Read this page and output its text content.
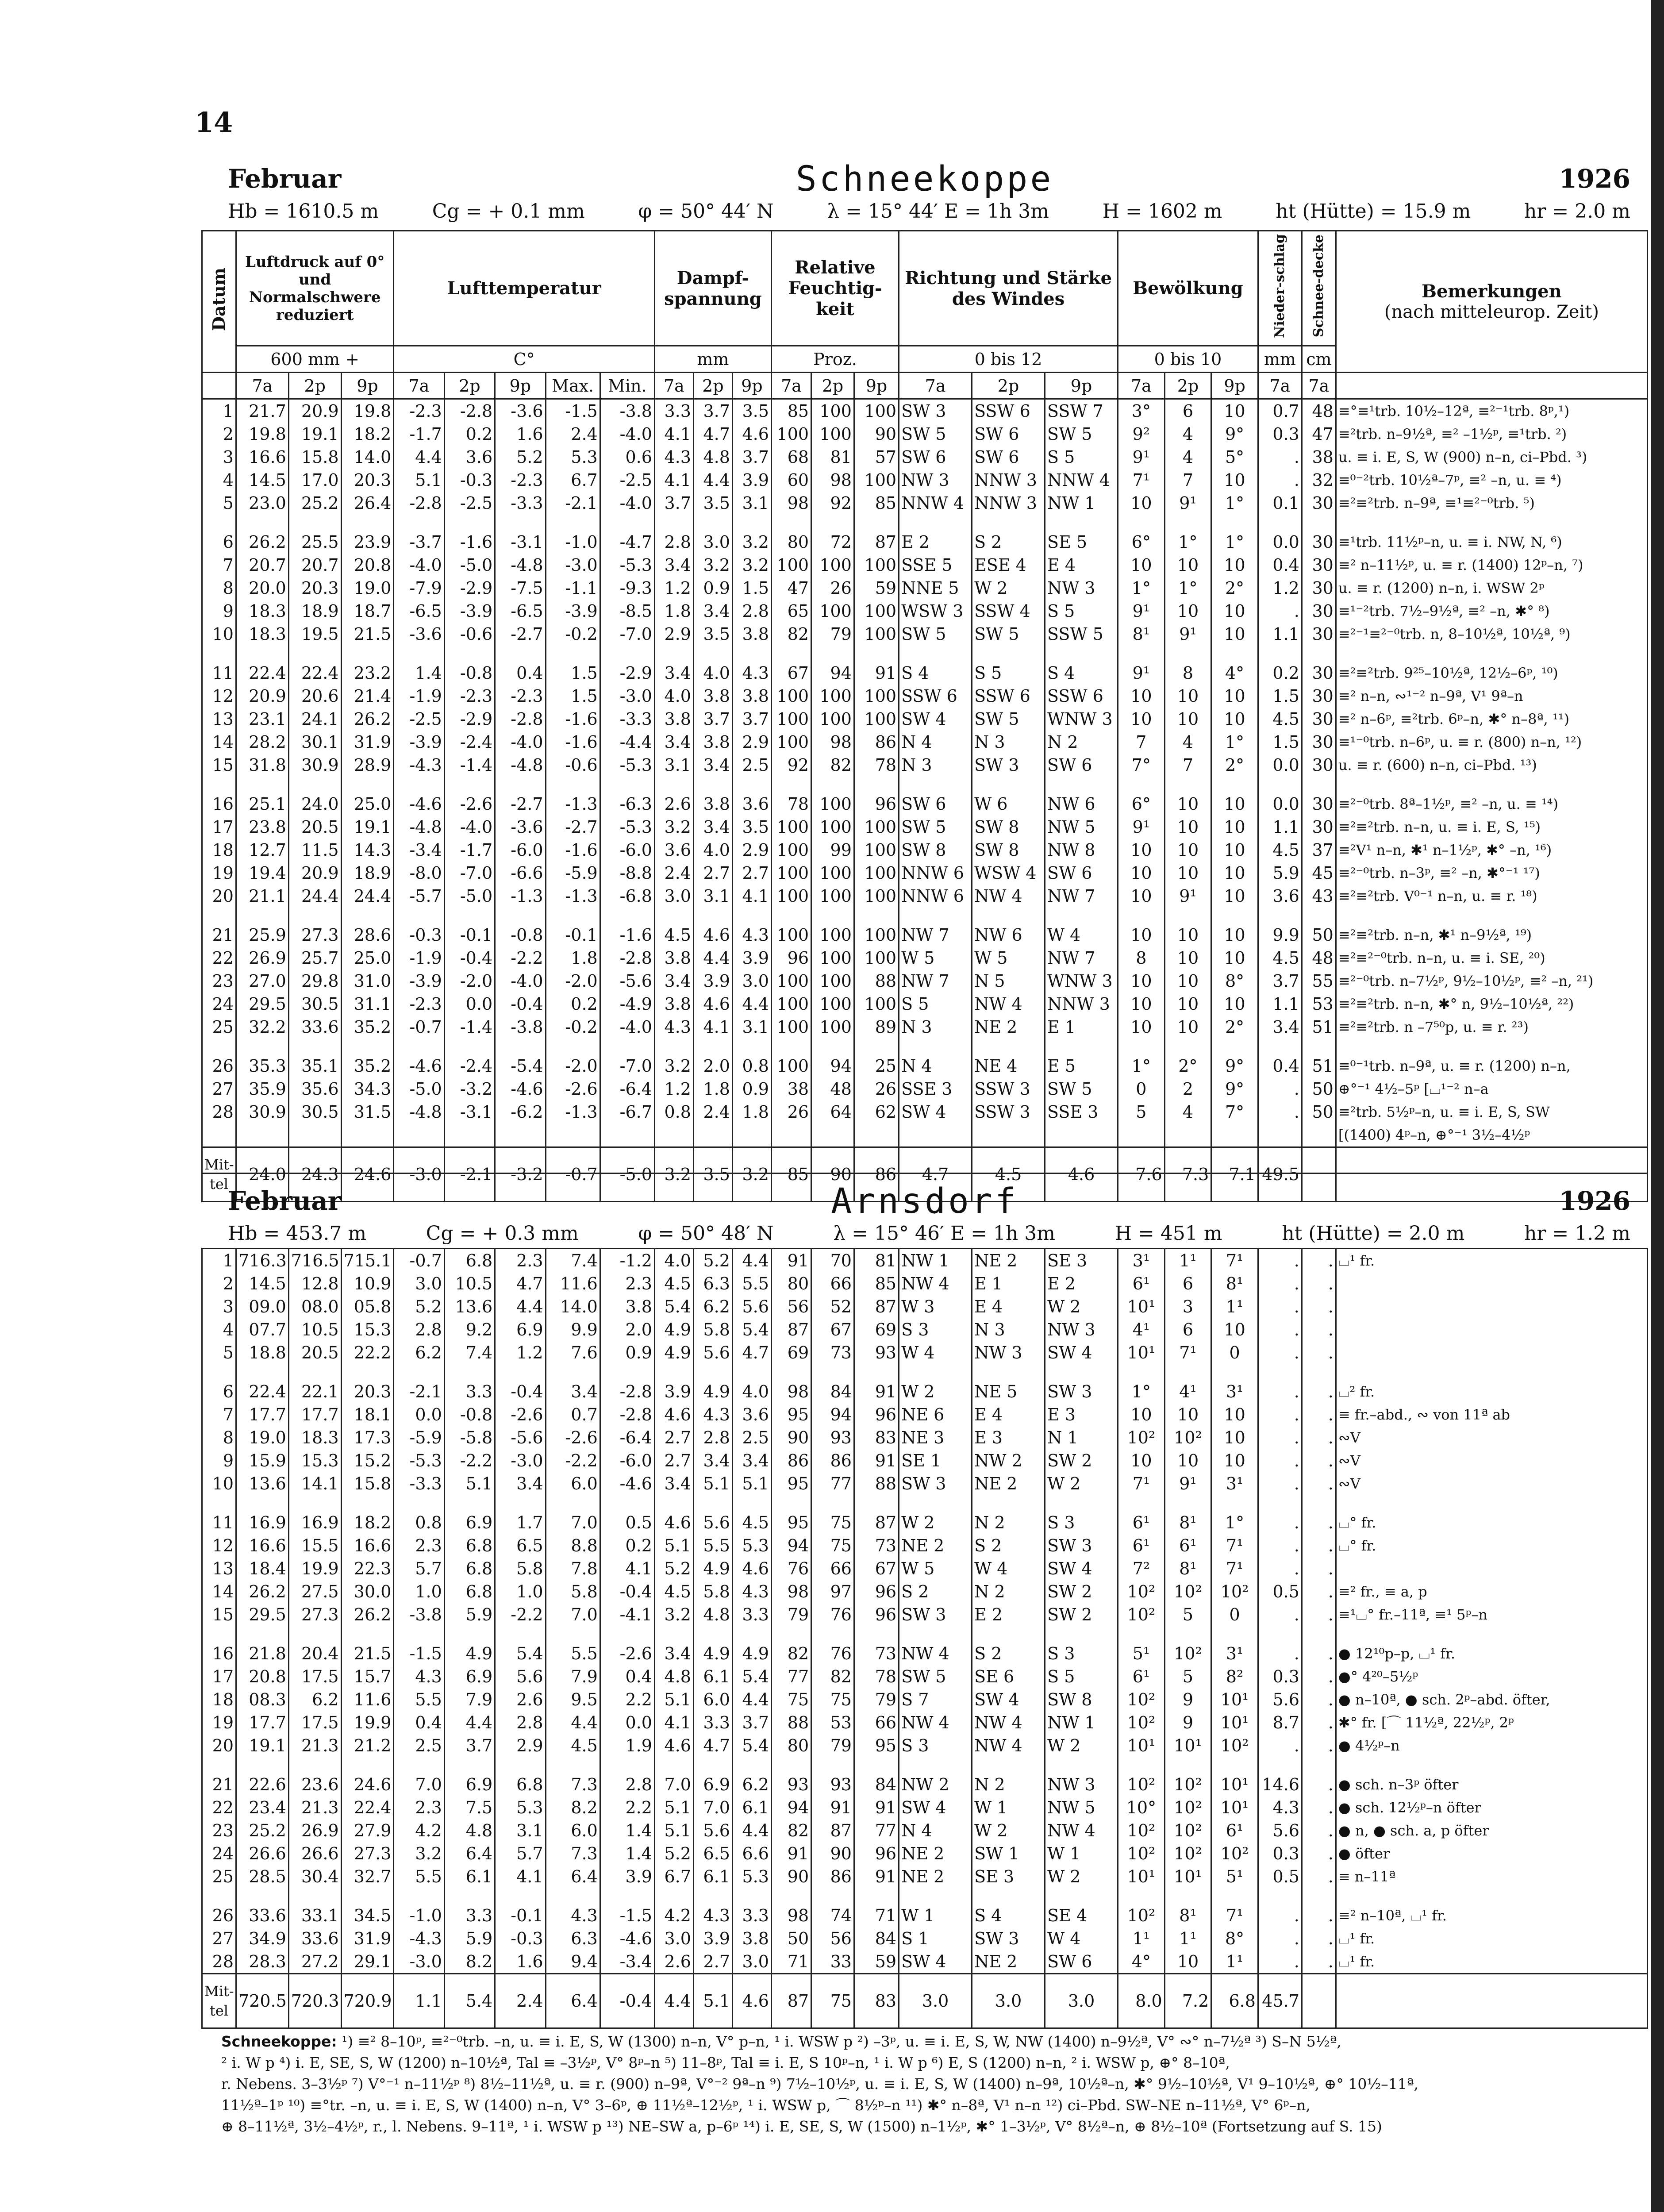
14
Februar	Schneekoppe	1926
Hb = 1610.5 m	Cg = + 0.1 mm	φ = 50° 44′ N	λ = 15° 44′ E = 1h 3m	H = 1602 m	ht (Hütte) = 15.9 m	hr = 2.0 m
Datum	Luftdruck auf 0° und Normalschwere reduziert			Lufttemperatur					Dampf-spannung			Relative Feuchtig-keit			Richtung und Stärke des Windes			Bewölkung			Nieder-schlag	Schnee-decke	Bemerkungen
(nach mitteleurop. Zeit)

	600 mm +			C°					mm			Proz.			0 bis 12			0 bis 10			mm	cm	
	7a	2p	9p	7a	2p	9p	Max.	Min.	7a	2p	9p	7a	2p	9p	7a	2p	9p	7a	2p	9p	7a	7a	
1	21.7	20.9	19.8	-2.3	-2.8	-3.6	-1.5	-3.8	3.3	3.7	3.5	85	100	100	SW 3	SSW 6	SSW 7	3°	6	10	0.7	48	≡°≡¹trb. 10½–12ª, ≡²⁻¹trb. 8ᵖ,¹)
2	19.8	19.1	18.2	-1.7	0.2	1.6	2.4	-4.0	4.1	4.7	4.6	100	100	90	SW 5	SW 6	SW 5	9²	4	9°	0.3	47	≡²trb. n–9½ª, ≡² –1½ᵖ, ≡¹trb. ²)
3	16.6	15.8	14.0	4.4	3.6	5.2	5.3	0.6	4.3	4.8	3.7	68	81	57	SW 6	SW 6	S 5	9¹	4	5°	.	38	u. ≡ i. E, S, W (900) n–n, ci–Pbd. ³)
4	14.5	17.0	20.3	5.1	-0.3	-2.3	6.7	-2.5	4.1	4.4	3.9	60	98	100	NW 3	NNW 3	NNW 4	7¹	7	10	.	32	≡⁰⁻²trb. 10½ª–7ᵖ, ≡² –n, u. ≡ ⁴)
5	23.0	25.2	26.4	-2.8	-2.5	-3.3	-2.1	-4.0	3.7	3.5	3.1	98	92	85	NNW 4	NNW 3	NW 1	10	9¹	1°	0.1	30	≡²≡²trb. n–9ª, ≡¹≡²⁻⁰trb. ⁵)

6	26.2	25.5	23.9	-3.7	-1.6	-3.1	-1.0	-4.7	2.8	3.0	3.2	80	72	87	E 2	S 2	SE 5	6°	1°	1°	0.0	30	≡¹trb. 11½ᵖ–n, u. ≡ i. NW, N, ⁶)
7	20.7	20.7	20.8	-4.0	-5.0	-4.8	-3.0	-5.3	3.4	3.2	3.2	100	100	100	SSE 5	ESE 4	E 4	10	10	10	0.4	30	≡² n–11½ᵖ, u. ≡ r. (1400) 12ᵖ–n, ⁷)
8	20.0	20.3	19.0	-7.9	-2.9	-7.5	-1.1	-9.3	1.2	0.9	1.5	47	26	59	NNE 5	W 2	NW 3	1°	1°	2°	1.2	30	u. ≡ r. (1200) n–n, i. WSW 2ᵖ
9	18.3	18.9	18.7	-6.5	-3.9	-6.5	-3.9	-8.5	1.8	3.4	2.8	65	100	100	WSW 3	SSW 4	S 5	9¹	10	10	.	30	≡¹⁻²trb. 7½–9½ª, ≡² –n, ✱° ⁸)
10	18.3	19.5	21.5	-3.6	-0.6	-2.7	-0.2	-7.0	2.9	3.5	3.8	82	79	100	SW 5	SW 5	SSW 5	8¹	9¹	10	1.1	30	≡²⁻¹≡²⁻⁰trb. n, 8–10½ª, 10½ª, ⁹)

11	22.4	22.4	23.2	1.4	-0.8	0.4	1.5	-2.9	3.4	4.0	4.3	67	94	91	S 4	S 5	S 4	9¹	8	4°	0.2	30	≡²≡²trb. 9²⁵–10½ª, 12½–6ᵖ, ¹⁰)
12	20.9	20.6	21.4	-1.9	-2.3	-2.3	1.5	-3.0	4.0	3.8	3.8	100	100	100	SSW 6	SSW 6	SSW 6	10	10	10	1.5	30	≡² n–n, ∾¹⁻² n–9ª, V¹ 9ª–n
13	23.1	24.1	26.2	-2.5	-2.9	-2.8	-1.6	-3.3	3.8	3.7	3.7	100	100	100	SW 4	SW 5	WNW 3	10	10	10	4.5	30	≡² n–6ᵖ, ≡²trb. 6ᵖ–n, ✱° n–8ª, ¹¹)
14	28.2	30.1	31.9	-3.9	-2.4	-4.0	-1.6	-4.4	3.4	3.8	2.9	100	98	86	N 4	N 3	N 2	7	4	1°	1.5	30	≡¹⁻⁰trb. n–6ᵖ, u. ≡ r. (800) n–n, ¹²)
15	31.8	30.9	28.9	-4.3	-1.4	-4.8	-0.6	-5.3	3.1	3.4	2.5	92	82	78	N 3	SW 3	SW 6	7°	7	2°	0.0	30	u. ≡ r. (600) n–n, ci–Pbd. ¹³)

16	25.1	24.0	25.0	-4.6	-2.6	-2.7	-1.3	-6.3	2.6	3.8	3.6	78	100	96	SW 6	W 6	NW 6	6°	10	10	0.0	30	≡²⁻⁰trb. 8ª–1½ᵖ, ≡² –n, u. ≡ ¹⁴)
17	23.8	20.5	19.1	-4.8	-4.0	-3.6	-2.7	-5.3	3.2	3.4	3.5	100	100	100	SW 5	SW 8	NW 5	9¹	10	10	1.1	30	≡²≡²trb. n–n, u. ≡ i. E, S, ¹⁵)
18	12.7	11.5	14.3	-3.4	-1.7	-6.0	-1.6	-6.0	3.6	4.0	2.9	100	99	100	SW 8	SW 8	NW 8	10	10	10	4.5	37	≡²V¹ n–n, ✱¹ n–1½ᵖ, ✱° –n, ¹⁶)
19	19.4	20.9	18.9	-8.0	-7.0	-6.6	-5.9	-8.8	2.4	2.7	2.7	100	100	100	NNW 6	WSW 4	SW 6	10	10	10	5.9	45	≡²⁻⁰trb. n–3ᵖ, ≡² –n, ✱°⁻¹ ¹⁷)
20	21.1	24.4	24.4	-5.7	-5.0	-1.3	-1.3	-6.8	3.0	3.1	4.1	100	100	100	NNW 6	NW 4	NW 7	10	9¹	10	3.6	43	≡²≡²trb. V⁰⁻¹ n–n, u. ≡ r. ¹⁸)

21	25.9	27.3	28.6	-0.3	-0.1	-0.8	-0.1	-1.6	4.5	4.6	4.3	100	100	100	NW 7	NW 6	W 4	10	10	10	9.9	50	≡²≡²trb. n–n, ✱¹ n–9½ª, ¹⁹)
22	26.9	25.7	25.0	-1.9	-0.4	-2.2	1.8	-2.8	3.8	4.4	3.9	96	100	100	W 5	W 5	NW 7	8	10	10	4.5	48	≡²≡²⁻⁰trb. n–n, u. ≡ i. SE, ²⁰)
23	27.0	29.8	31.0	-3.9	-2.0	-4.0	-2.0	-5.6	3.4	3.9	3.0	100	100	88	NW 7	N 5	WNW 3	10	10	8°	3.7	55	≡²⁻⁰trb. n–7½ᵖ, 9½–10½ᵖ, ≡² –n, ²¹)
24	29.5	30.5	31.1	-2.3	0.0	-0.4	0.2	-4.9	3.8	4.6	4.4	100	100	100	S 5	NW 4	NNW 3	10	10	10	1.1	53	≡²≡²trb. n–n, ✱° n, 9½–10½ª, ²²)
25	32.2	33.6	35.2	-0.7	-1.4	-3.8	-0.2	-4.0	4.3	4.1	3.1	100	100	89	N 3	NE 2	E 1	10	10	2°	3.4	51	≡²≡²trb. n –7⁵⁰p, u. ≡ r. ²³)

26	35.3	35.1	35.2	-4.6	-2.4	-5.4	-2.0	-7.0	3.2	2.0	0.8	100	94	25	N 4	NE 4	E 5	1°	2°	9°	0.4	51	≡⁰⁻¹trb. n–9ª, u. ≡ r. (1200) n–n,
27	35.9	35.6	34.3	-5.0	-3.2	-4.6	-2.6	-6.4	1.2	1.8	0.9	38	48	26	SSE 3	SSW 3	SW 5	0	2	9°	.	50	⊕°⁻¹ 4½–5ᵖ [⌴¹⁻² n–a
28	30.9	30.5	31.5	-4.8	-3.1	-6.2	-1.3	-6.7	0.8	2.4	1.8	26	64	62	SW 4	SSW 3	SSE 3	5	4	7°	.	50	≡²trb. 5½ᵖ–n, u. ≡ i. E, S, SW
																							[(1400) 4ᵖ–n, ⊕°⁻¹ 3½–4½ᵖ
Mit-tel	24.0	24.3	24.6	-3.0	-2.1	-3.2	-0.7	-5.0	3.2	3.5	3.2	85	90	86	4.7	4.5	4.6	7.6	7.3	7.1	49.5		
Februar	Arnsdorf	1926
Hb = 453.7 m	Cg = + 0.3 mm	φ = 50° 48′ N	λ = 15° 46′ E = 1h 3m	H = 451 m	ht (Hütte) = 2.0 m	hr = 1.2 m
1	716.3	716.5	715.1	-0.7	6.8	2.3	7.4	-1.2	4.0	5.2	4.4	91	70	81	NW 1	NE 2	SE 3	3¹	1¹	7¹	.	.	⌴¹ fr.
2	14.5	12.8	10.9	3.0	10.5	4.7	11.6	2.3	4.5	6.3	5.5	80	66	85	NW 4	E 1	E 2	6¹	6	8¹	.	.	
3	09.0	08.0	05.8	5.2	13.6	4.4	14.0	3.8	5.4	6.2	5.6	56	52	87	W 3	E 4	W 2	10¹	3	1¹	.	.	
4	07.7	10.5	15.3	2.8	9.2	6.9	9.9	2.0	4.9	5.8	5.4	87	67	69	S 3	N 3	NW 3	4¹	6	10	.	.	
5	18.8	20.5	22.2	6.2	7.4	1.2	7.6	0.9	4.9	5.6	4.7	69	73	93	W 4	NW 3	SW 4	10¹	7¹	0	.	.	

6	22.4	22.1	20.3	-2.1	3.3	-0.4	3.4	-2.8	3.9	4.9	4.0	98	84	91	W 2	NE 5	SW 3	1°	4¹	3¹	.	.	⌴² fr.
7	17.7	17.7	18.1	0.0	-0.8	-2.6	0.7	-2.8	4.6	4.3	3.6	95	94	96	NE 6	E 4	E 3	10	10	10	.	.	≡ fr.–abd., ∾ von 11ª ab
8	19.0	18.3	17.3	-5.9	-5.8	-5.6	-2.6	-6.4	2.7	2.8	2.5	90	93	83	NE 3	E 3	N 1	10²	10²	10	.	.	∾V
9	15.9	15.3	15.2	-5.3	-2.2	-3.0	-2.2	-6.0	2.7	3.4	3.4	86	86	91	SE 1	NW 2	SW 2	10	10	10	.	.	∾V
10	13.6	14.1	15.8	-3.3	5.1	3.4	6.0	-4.6	3.4	5.1	5.1	95	77	88	SW 3	NE 2	W 2	7¹	9¹	3¹	.	.	∾V

11	16.9	16.9	18.2	0.8	6.9	1.7	7.0	0.5	4.6	5.6	4.5	95	75	87	W 2	N 2	S 3	6¹	8¹	1°	.	.	⌴° fr.
12	16.6	15.5	16.6	2.3	6.8	6.5	8.8	0.2	5.1	5.5	5.3	94	75	73	NE 2	S 2	SW 3	6¹	6¹	7¹	.	.	⌴° fr.
13	18.4	19.9	22.3	5.7	6.8	5.8	7.8	4.1	5.2	4.9	4.6	76	66	67	W 5	W 4	SW 4	7²	8¹	7¹	.	.	
14	26.2	27.5	30.0	1.0	6.8	1.0	5.8	-0.4	4.5	5.8	4.3	98	97	96	S 2	N 2	SW 2	10²	10²	10²	0.5	.	≡² fr., ≡ a, p
15	29.5	27.3	26.2	-3.8	5.9	-2.2	7.0	-4.1	3.2	4.8	3.3	79	76	96	SW 3	E 2	SW 2	10²	5	0	.	.	≡¹⌴° fr.–11ª, ≡¹ 5ᵖ–n

16	21.8	20.4	21.5	-1.5	4.9	5.4	5.5	-2.6	3.4	4.9	4.9	82	76	73	NW 4	S 2	S 3	5¹	10²	3¹	.	.	● 12¹⁰p–p, ⌴¹ fr.
17	20.8	17.5	15.7	4.3	6.9	5.6	7.9	0.4	4.8	6.1	5.4	77	82	78	SW 5	SE 6	S 5	6¹	5	8²	0.3	.	●° 4²⁰–5½ᵖ
18	08.3	6.2	11.6	5.5	7.9	2.6	9.5	2.2	5.1	6.0	4.4	75	75	79	S 7	SW 4	SW 8	10²	9	10¹	5.6	.	● n–10ª, ● sch. 2ᵖ–abd. öfter,
19	17.7	17.5	19.9	0.4	4.4	2.8	4.4	0.0	4.1	3.3	3.7	88	53	66	NW 4	NW 4	NW 1	10²	9	10¹	8.7	.	✱° fr. [⌒ 11½ª, 22½ᵖ, 2ᵖ
20	19.1	21.3	21.2	2.5	3.7	2.9	4.5	1.9	4.6	4.7	5.4	80	79	95	S 3	NW 4	W 2	10¹	10¹	10²	.	.	● 4½ᵖ–n

21	22.6	23.6	24.6	7.0	6.9	6.8	7.3	2.8	7.0	6.9	6.2	93	93	84	NW 2	N 2	NW 3	10²	10²	10¹	14.6	.	● sch. n–3ᵖ öfter
22	23.4	21.3	22.4	2.3	7.5	5.3	8.2	2.2	5.1	7.0	6.1	94	91	91	SW 4	W 1	NW 5	10°	10²	10¹	4.3	.	● sch. 12½ᵖ–n öfter
23	25.2	26.9	27.9	4.2	4.8	3.1	6.0	1.4	5.1	5.6	4.4	82	87	77	N 4	W 2	NW 4	10²	10²	6¹	5.6	.	● n, ● sch. a, p öfter
24	26.6	26.6	27.3	3.2	6.4	5.7	7.3	1.4	5.2	6.5	6.6	91	90	96	NE 2	SW 1	W 1	10²	10²	10²	0.3	.	● öfter
25	28.5	30.4	32.7	5.5	6.1	4.1	6.4	3.9	6.7	6.1	5.3	90	86	91	NE 2	SE 3	W 2	10¹	10¹	5¹	0.5	.	≡ n–11ª

26	33.6	33.1	34.5	-1.0	3.3	-0.1	4.3	-1.5	4.2	4.3	3.3	98	74	71	W 1	S 4	SE 4	10²	8¹	7¹	.	.	≡² n–10ª, ⌴¹ fr.
27	34.9	33.6	31.9	-4.3	5.9	-0.3	6.3	-4.6	3.0	3.9	3.8	50	56	84	S 1	SW 3	W 4	1¹	1¹	8°	.	.	⌴¹ fr.
28	28.3	27.2	29.1	-3.0	8.2	1.6	9.4	-3.4	2.6	2.7	3.0	71	33	59	SW 4	NE 2	SW 6	4°	10	1¹	.	.	⌴¹ fr.
Mit-tel	720.5	720.3	720.9	1.1	5.4	2.4	6.4	-0.4	4.4	5.1	4.6	87	75	83	3.0	3.0	3.0	8.0	7.2	6.8	45.7		
Schneekoppe: ¹) ≡² 8–10ᵖ, ≡²⁻⁰trb. –n, u. ≡ i. E, S, W (1300) n–n, V° p–n, ¹ i. WSW p ²) –3ᵖ, u. ≡ i. E, S, W, NW (1400) n–9½ª, V° ∾° n–7½ª ³) S–N 5½ª,
² i. W p ⁴) i. E, SE, S, W (1200) n–10½ª, Tal ≡ –3½ᵖ, V° 8ᵖ–n ⁵) 11–8ᵖ, Tal ≡ i. E, S 10ᵖ–n, ¹ i. W p ⁶) E, S (1200) n–n, ² i. WSW p, ⊕° 8–10ª,
r. Nebens. 3–3½ᵖ ⁷) V°⁻¹ n–11½ᵖ ⁸) 8½–11½ª, u. ≡ r. (900) n–9ª, V°⁻² 9ª–n ⁹) 7½–10½ᵖ, u. ≡ i. E, S, W (1400) n–9ª, 10½ª–n, ✱° 9½–10½ª, V¹ 9–10½ª, ⊕° 10½–11ª,
11½ª–1ᵖ ¹⁰) ≡°tr. –n, u. ≡ i. E, S, W (1400) n–n, V° 3–6ᵖ, ⊕ 11½ª–12½ᵖ, ¹ i. WSW p, ⌒ 8½ᵖ–n ¹¹) ✱° n–8ª, V¹ n–n ¹²) ci–Pbd. SW–NE n–11½ª, V° 6ᵖ–n,
⊕ 8–11½ª, 3½–4½ᵖ, r., l. Nebens. 9–11ª, ¹ i. WSW p ¹³) NE–SW a, p–6ᵖ ¹⁴) i. E, SE, S, W (1500) n–1½ᵖ, ✱° 1–3½ᵖ, V° 8½ª–n, ⊕ 8½–10ª (Fortsetzung auf S. 15)
